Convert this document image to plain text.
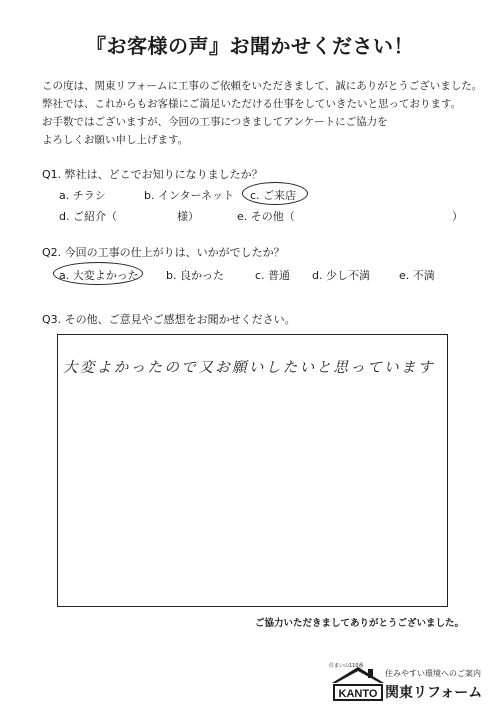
『お客様の声』お聞かせください！
この度は、関東リフォームに工事のご依頼をいただきまして、誠にありがとうございました。
弊社では、これからもお客様にご満足いただける仕事をしていきたいと思っております。
お手数ではございますが、今回の工事につきましてアンケートにご協力を
よろしくお願い申し上げます。
Q1. 弊社は、どこでお知りになりましたか？
a. チラシ	b. インターネット c. ご来店
d. ご紹介（	様）	e. その他（	）
Q2. 今回の工事の仕上がりは、いかがでしたか？
a. 大変よかった b. 良かった	c. 普通 d. 少し不満	e. 不満
Q3. その他、ご意見やご感想をお聞かせください。
大変よかったので又お願いしたいと思っています
ご協力いただきましてありがとうございました。
住まいの110番
KANTO
住みやすい環境へのご案内
関東リフォーム
